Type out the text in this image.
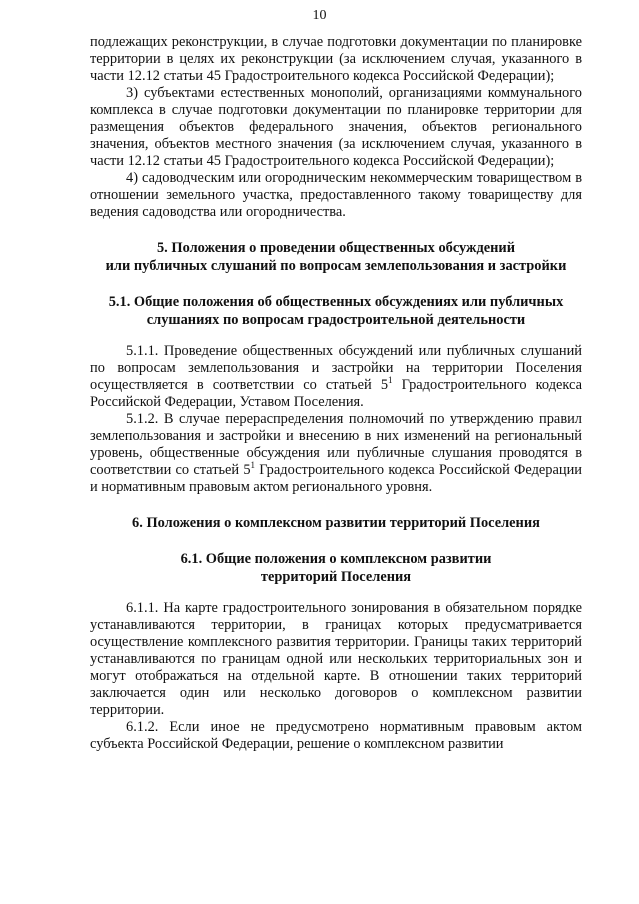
10

подлежащих реконструкции, в случае подготовки документации по планировке территории в целях их реконструкции (за исключением случая, указанного в части 12.12 статьи 45 Градостроительного кодекса Российской Федерации);

3) субъектами естественных монополий, организациями коммунального комплекса в случае подготовки документации по планировке территории для размещения объектов федерального значения, объектов регионального значения, объектов местного значения (за исключением случая, указанного в части 12.12 статьи 45 Градостроительного кодекса Российской Федерации);

4) садоводческим или огородническим некоммерческим товариществом в отношении земельного участка, предоставленного такому товариществу для ведения садоводства или огородничества.

5. Положения о проведении общественных обсуждений
или публичных слушаний по вопросам землепользования и застройки
5.1. Общие положения об общественных обсуждениях или публичных
слушаниях по вопросам градостроительной деятельности

5.1.1. Проведение общественных обсуждений или публичных слушаний по вопросам землепользования и застройки на территории Поселения осуществляется в соответствии со статьей $5^1$ Градостроительного кодекса Российской Федерации, Уставом Поселения.

5.1.2. В случае перераспределения полномочий по утверждению правил землепользования и застройки и внесению в них изменений на региональный уровень, общественные обсуждения или публичные слушания проводятся в соответствии со статьей $5^1$ Градостроительного кодекса Российской Федерации и нормативным правовым актом регионального уровня.

6. Положения о комплексном развитии территорий Поселения
6.1. Общие положения о комплексном развитии
территорий Поселения

6.1.1. На карте градостроительного зонирования в обязательном порядке устанавливаются территории, в границах которых предусматривается осуществление комплексного развития территории. Границы таких территорий устанавливаются по границам одной или нескольких территориальных зон и могут отображаться на отдельной карте. В отношении таких территорий заключается один или несколько договоров о комплексном развитии территории.

6.1.2. Если иное не предусмотрено нормативным правовым актом субъекта Российской Федерации, решение о комплексном развитии
